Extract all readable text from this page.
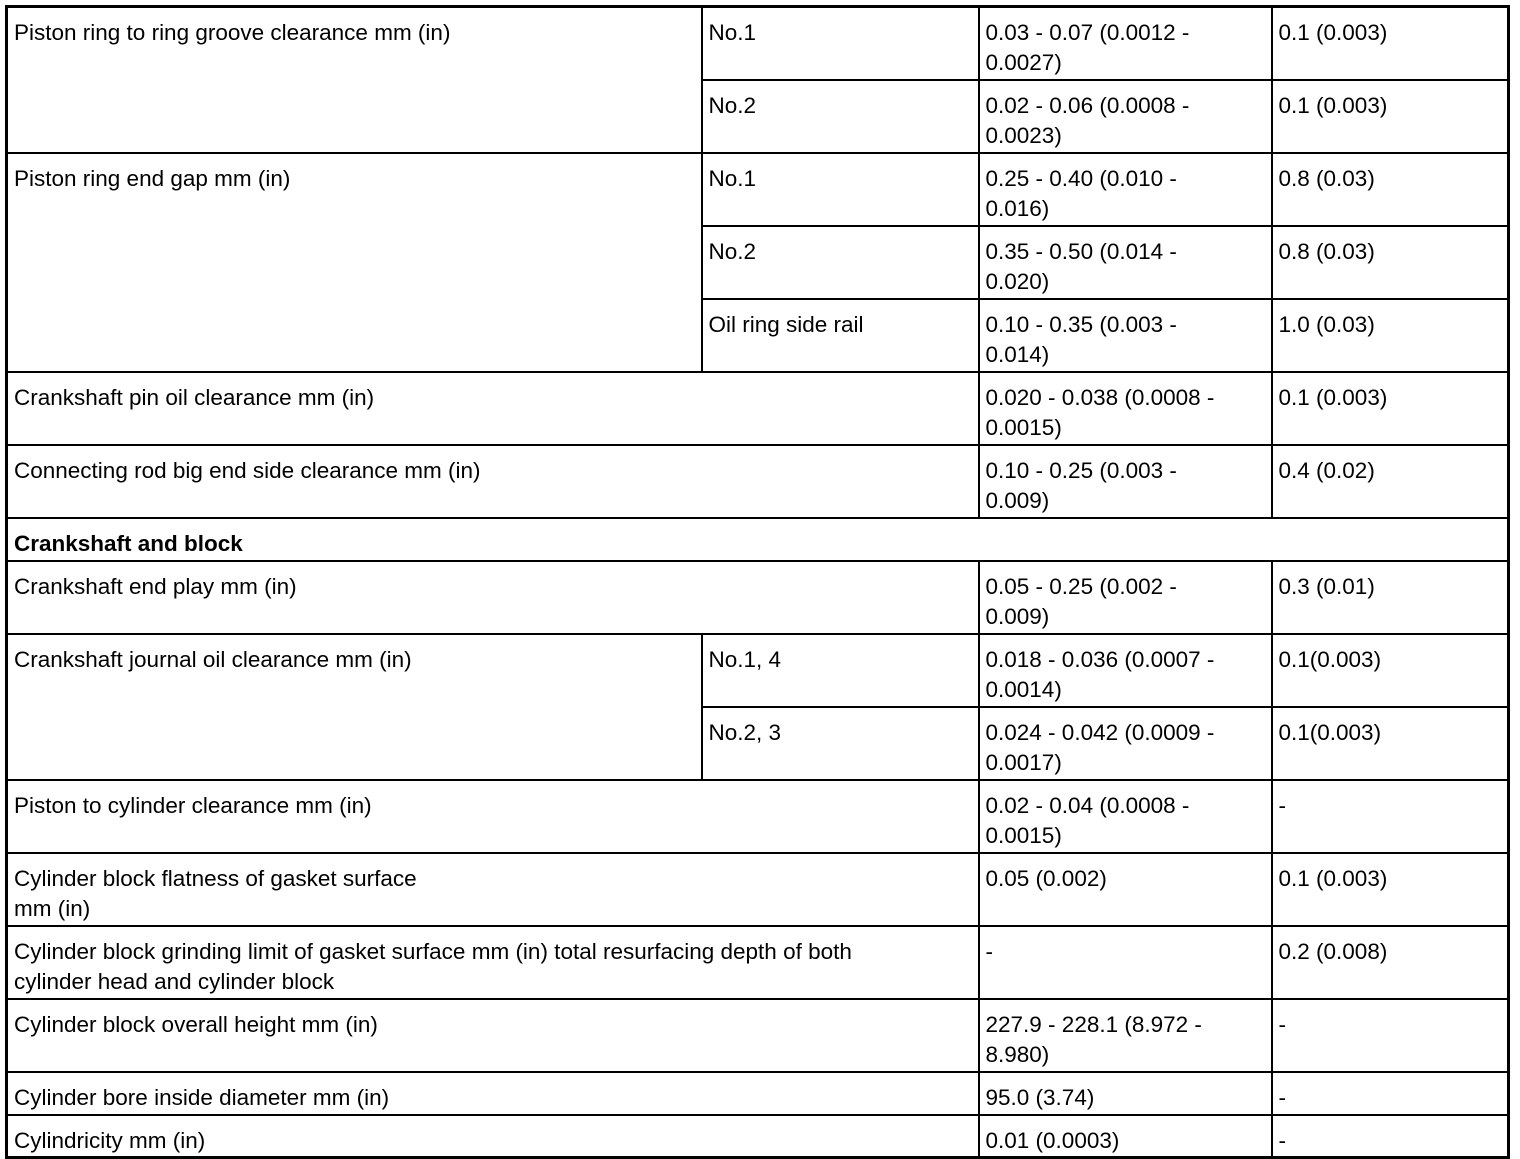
Piston ring to ring groove clearance mm (in)	No.1	0.03 - 0.07 (0.0012 -
0.0027)	0.1 (0.003)
	No.2	0.02 - 0.06 (0.0008 -
0.0023)	0.1 (0.003)
Piston ring end gap mm (in)	No.1	0.25 - 0.40 (0.010 -
0.016)	0.8 (0.03)
	No.2	0.35 - 0.50 (0.014 -
0.020)	0.8 (0.03)
	Oil ring side rail	0.10 - 0.35 (0.003 -
0.014)	1.0 (0.03)
Crankshaft pin oil clearance mm (in)		0.020 - 0.038 (0.0008 -
0.0015)	0.1 (0.003)
Connecting rod big end side clearance mm (in)		0.10 - 0.25 (0.003 -
0.009)	0.4 (0.02)
Crankshaft and block			
Crankshaft end play mm (in)		0.05 - 0.25 (0.002 -
0.009)	0.3 (0.01)
Crankshaft journal oil clearance mm (in)	No.1, 4	0.018 - 0.036 (0.0007 -
0.0014)	0.1(0.003)
	No.2, 3	0.024 - 0.042 (0.0009 -
0.0017)	0.1(0.003)
Piston to cylinder clearance mm (in)		0.02 - 0.04 (0.0008 -
0.0015)	-
Cylinder block flatness of gasket surface
mm (in)		0.05 (0.002)	0.1 (0.003)
Cylinder block grinding limit of gasket surface mm (in) total resurfacing depth of both
cylinder head and cylinder block		-	0.2 (0.008)
Cylinder block overall height mm (in)		227.9 - 228.1 (8.972 -
8.980)	-
Cylinder bore inside diameter mm (in)		95.0 (3.74)	-
Cylindricity mm (in)		0.01 (0.0003)	-
